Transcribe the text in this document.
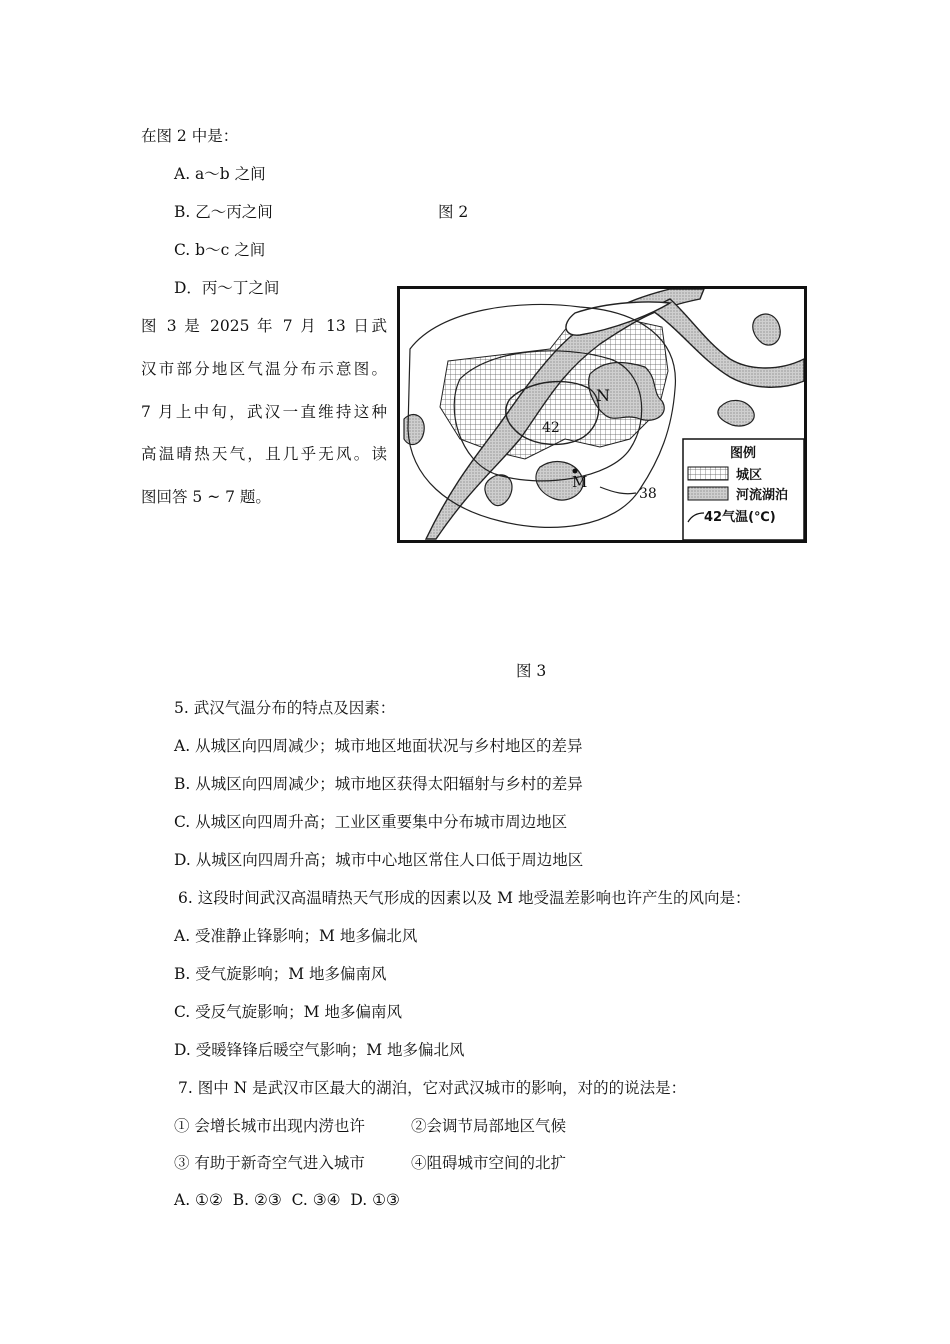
在图 2 中是：
A. a～b 之间
B. 乙～丙之间	图 2
C. b～c 之间
D．丙～丁之间
图 3 是 2025 年 7 月 13 日武
汉市部分地区气温分布示意图。
7 月上中旬，武汉一直维持这种
高温晴热天气，且几乎无风。读
图回答 5 ~ 7 题。
N
M
42
38
图例
城区
河流湖泊
42气温(℃)
图 3
5. 武汉气温分布的特点及因素：
A. 从城区向四周减少；城市地区地面状况与乡村地区的差异
B. 从城区向四周减少；城市地区获得太阳辐射与乡村的差异
C. 从城区向四周升高；工业区重要集中分布城市周边地区
D. 从城区向四周升高；城市中心地区常住人口低于周边地区
6. 这段时间武汉高温晴热天气形成的因素以及 M 地受温差影响也许产生的风向是：
A. 受准静止锋影响；M 地多偏北风
B. 受气旋影响；M 地多偏南风
C. 受反气旋影响；M 地多偏南风
D. 受暖锋锋后暖空气影响；M 地多偏北风
7. 图中 N 是武汉市区最大的湖泊，它对武汉城市的影响，对的的说法是：
① 会增长城市出现内涝也许	②会调节局部地区气候
③ 有助于新奇空气进入城市	④阻碍城市空间的北扩
A. ①②  B. ②③  C. ③④  D. ①③
